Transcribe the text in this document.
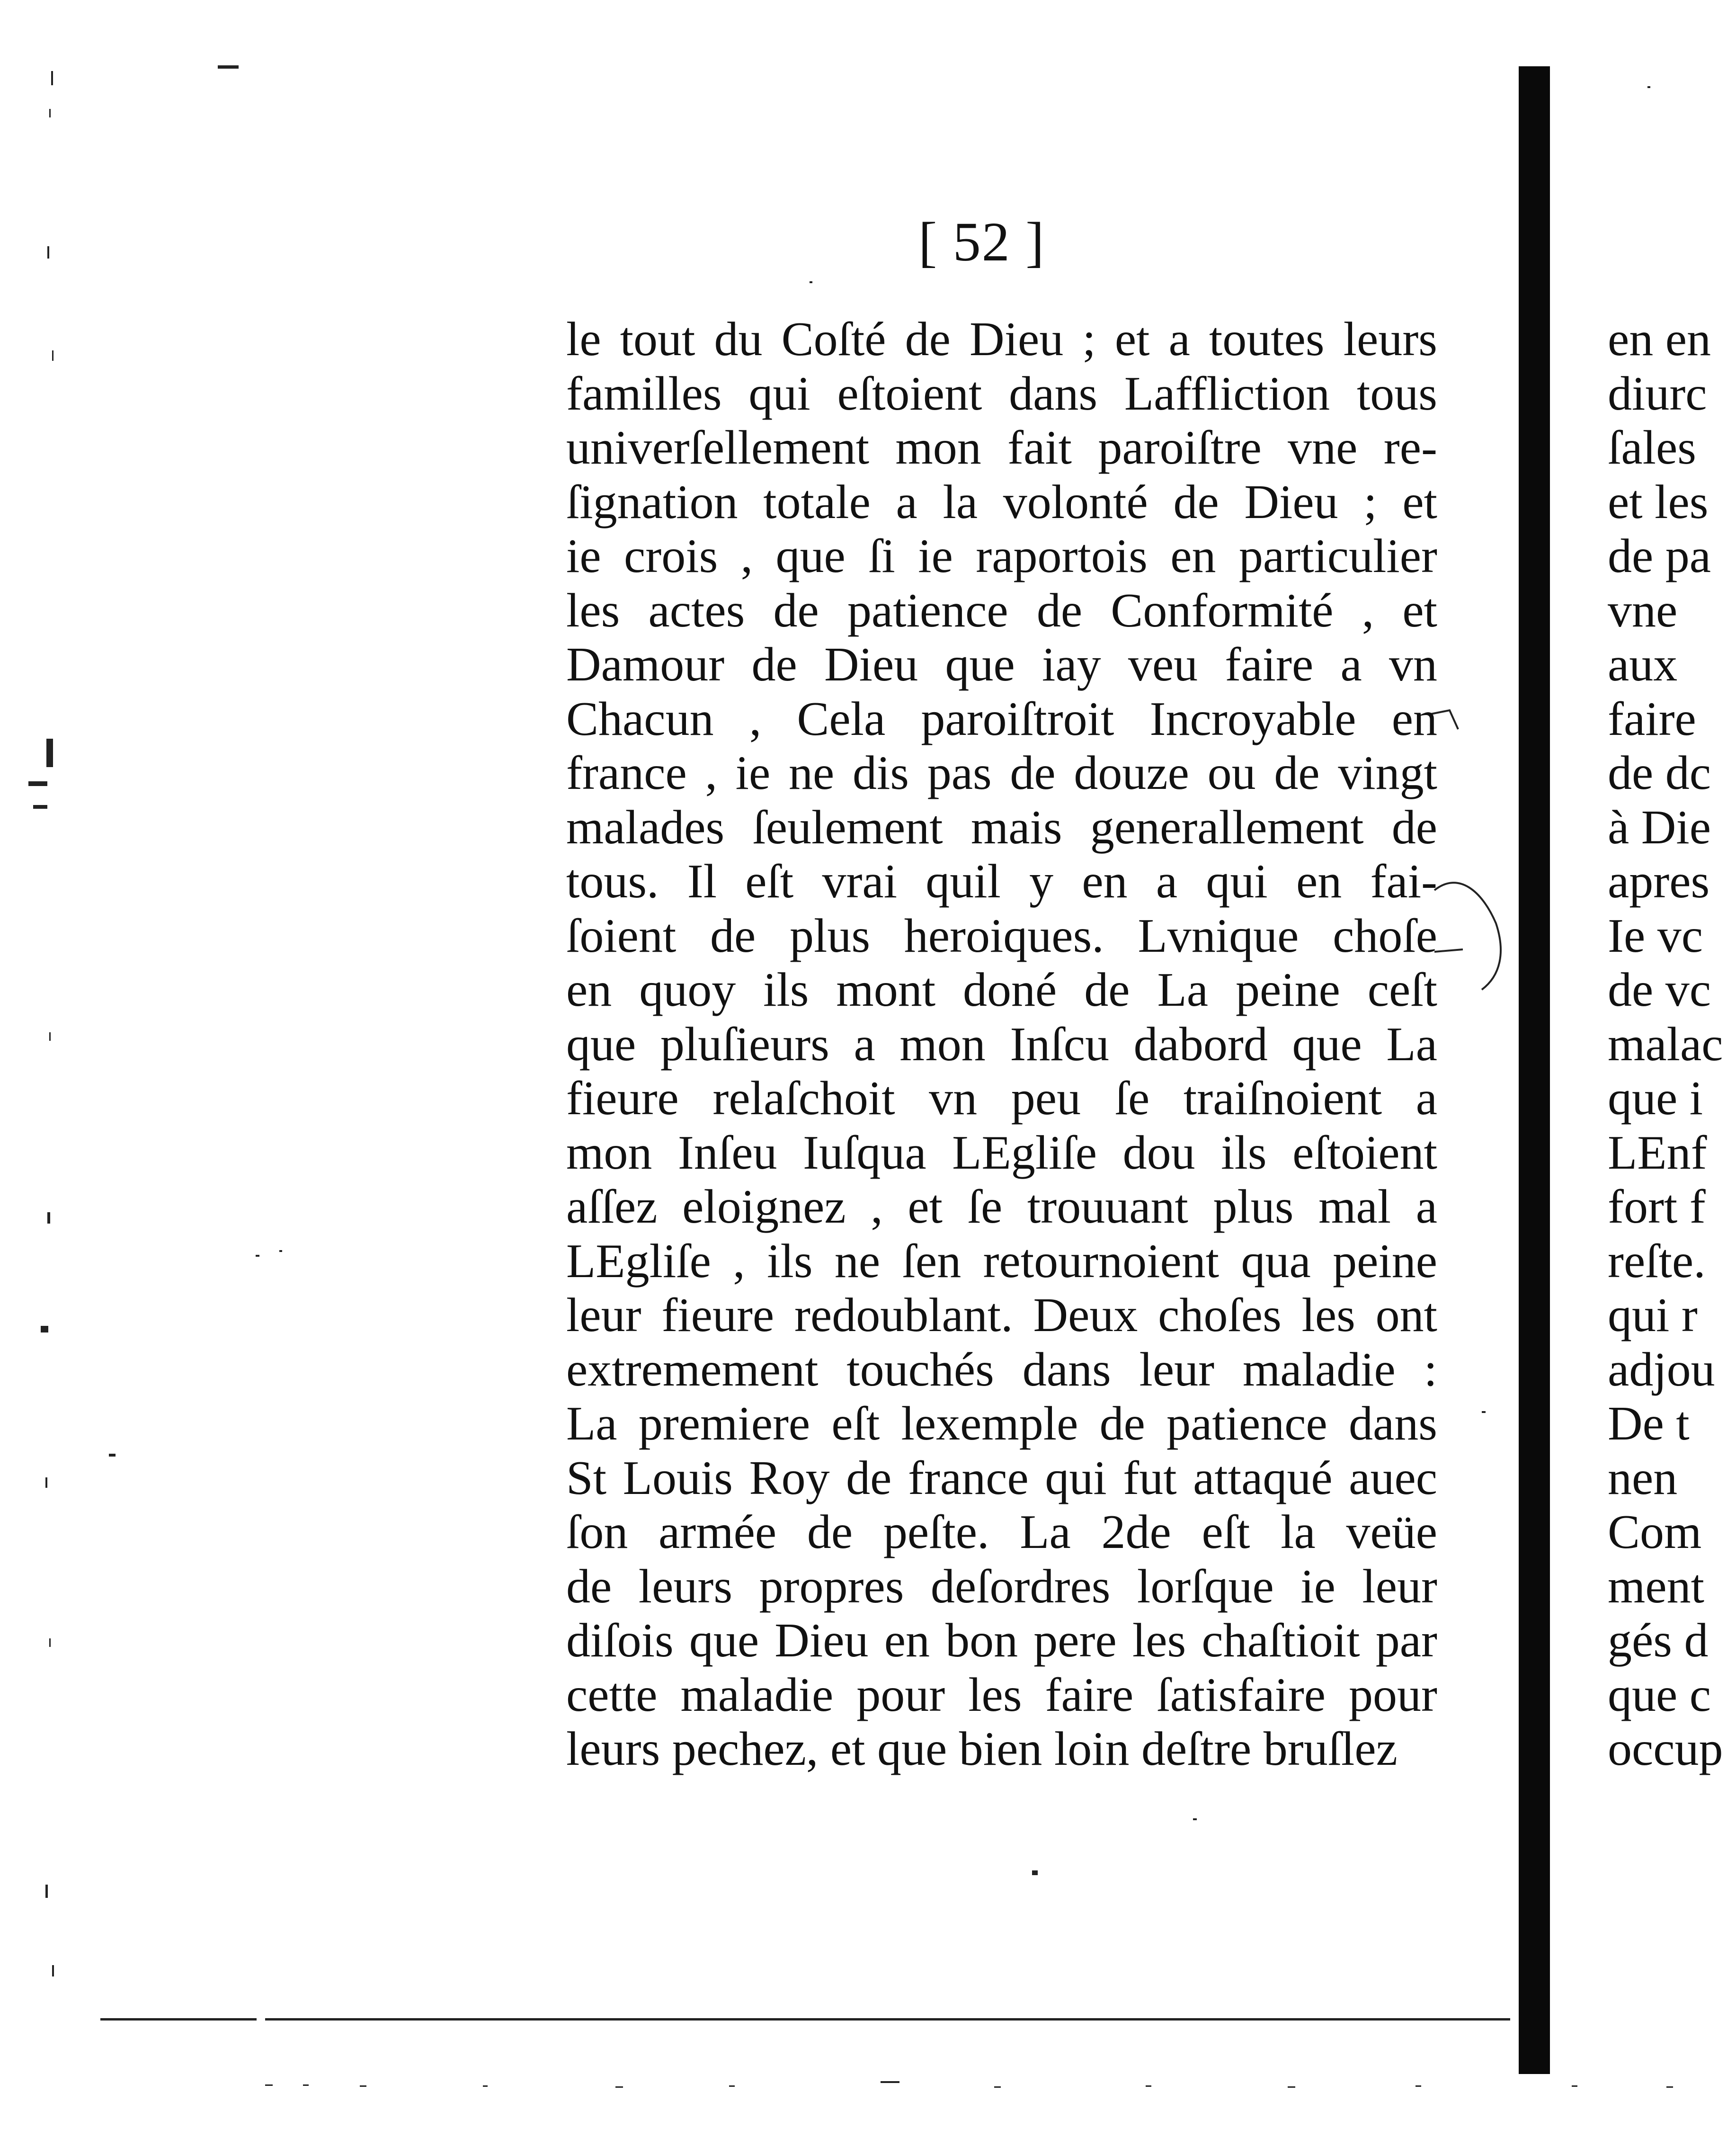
[ 52 ]
le tout du Coſté de Dieu ; et a toutes leurs
familles qui eſtoient dans Laffliction tous
univerſellement mon fait paroiſtre vne re-
ſignation totale a la volonté de Dieu ; et
ie crois , que ſi ie raportois en particulier
les actes de patience de Conformité , et
Damour de Dieu que iay veu faire a vn
Chacun , Cela paroiſtroit Incroyable en
france , ie ne dis pas de douze ou de vingt
malades ſeulement mais generallement de
tous. Il eſt vrai quil y en a qui en fai-
ſoient de plus heroiques. Lvnique choſe
en quoy ils mont doné de La peine ceſt
que pluſieurs a mon Inſcu dabord que La
fieure relaſchoit vn peu ſe traiſnoient a
mon Inſeu Iuſqua LEgliſe dou ils eſtoient
aſſez eloignez , et ſe trouuant plus mal a
LEgliſe , ils ne ſen retournoient qua peine
leur fieure redoublant. Deux choſes les ont
extremement touchés dans leur maladie :
La premiere eſt lexemple de patience dans
St Louis Roy de france qui fut attaqué auec
ſon armée de peſte. La 2de eſt la veüe
de leurs propres deſordres lorſque ie leur
diſois que Dieu en bon pere les chaſtioit par
cette maladie pour les faire ſatisfaire pour
leurs pechez, et que bien loin deſtre bruſlez
en en
diurc
ſales
et les
de pa
vne
aux
faire
de dc
à Die
apres
Ie vc
de vc
malac
que i
LEnf
fort f
reſte.
qui r
adjou
De t
nen
Com
ment
gés d
que c
occup
